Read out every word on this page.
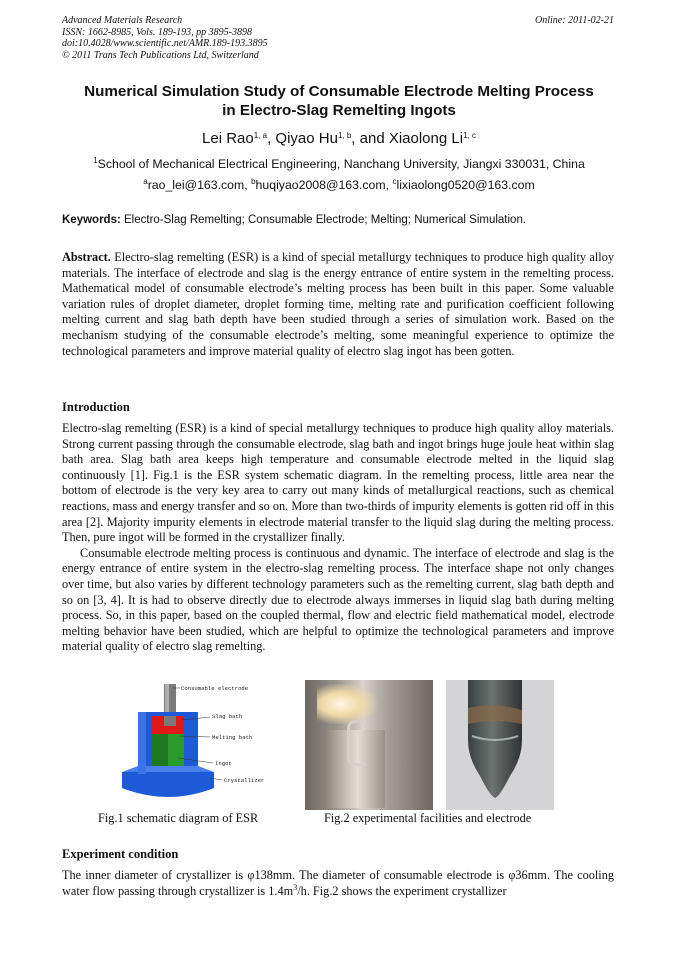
Advanced Materials Research
ISSN: 1662-8985, Vols. 189-193, pp 3895-3898
doi:10.4028/www.scientific.net/AMR.189-193.3895
© 2011 Trans Tech Publications Ltd, Switzerland
Online: 2011-02-21
Numerical Simulation Study of Consumable Electrode Melting Process
in Electro-Slag Remelting Ingots
Lei Rao$^{1, a}$, Qiyao Hu$^{1, b}$, and Xiaolong Li$^{1, c}$
$^1$School of Mechanical Electrical Engineering, Nanchang University, Jiangxi 330031, China
$^a$rao_lei@163.com, $^b$huqiyao2008@163.com, $^c$lixiaolong0520@163.com
Keywords: Electro-Slag Remelting; Consumable Electrode; Melting; Numerical Simulation.
Abstract. Electro-slag remelting (ESR) is a kind of special metallurgy techniques to produce high quality alloy materials. The interface of electrode and slag is the energy entrance of entire system in the remelting process. Mathematical model of consumable electrode’s melting process has been built in this paper. Some valuable variation rules of droplet diameter, droplet forming time, melting rate and purification coefficient following melting current and slag bath depth have been studied through a series of simulation work. Based on the mechanism studying of the consumable electrode’s melting, some meaningful experience to optimize the technological parameters and improve material quality of electro slag ingot has been gotten.
Introduction

Electro-slag remelting (ESR) is a kind of special metallurgy techniques to produce high quality alloy materials. Strong current passing through the consumable electrode, slag bath and ingot brings huge joule heat within slag bath area. Slag bath area keeps high temperature and consumable electrode melted in the liquid slag continuously [1]. Fig.1 is the ESR system schematic diagram. In the remelting process, little area near the bottom of electrode is the very key area to carry out many kinds of metallurgical reactions, such as chemical reactions, mass and energy transfer and so on. More than two-thirds of impurity elements is gotten rid off in this area [2]. Majority impurity elements in electrode material transfer to the liquid slag during the melting process. Then, pure ingot will be formed in the crystallizer finally.

Consumable electrode melting process is continuous and dynamic. The interface of electrode and slag is the energy entrance of entire system in the electro-slag remelting process. The interface shape not only changes over time, but also varies by different technology parameters such as the remelting current, slag bath depth and so on [3, 4]. It is had to observe directly due to electrode always immerses in liquid slag bath during melting process. So, in this paper, based on the coupled thermal, flow and electric field mathematical model, electrode melting behavior have been studied, which are helpful to optimize the technological parameters and improve material quality of electro slag remelting.

Consumable electrode
Slag bath
Melting bath
Ingot
Crystallizer
Fig.1 schematic diagram of ESR	Fig.2 experimental facilities and electrode
Experiment condition
The inner diameter of crystallizer is φ138mm. The diameter of consumable electrode is φ36mm. The cooling water flow passing through crystallizer is $1.4m^3/h$. Fig.2 shows the experiment crystallizer
